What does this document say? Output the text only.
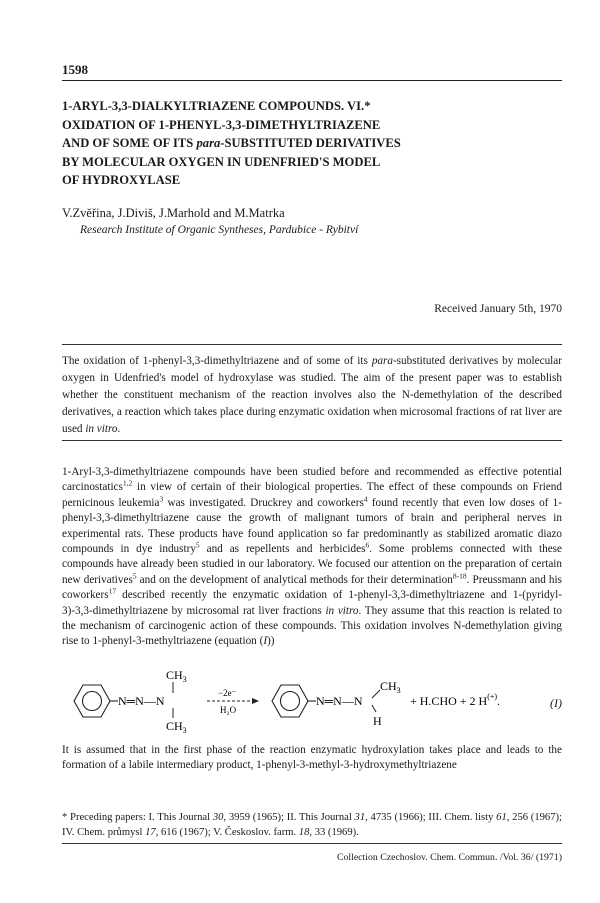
1598
1-ARYL-3,3-DIALKYLTRIAZENE COMPOUNDS. VI.*
OXIDATION OF 1-PHENYL-3,3-DIMETHYLTRIAZENE
AND OF SOME OF ITS para-SUBSTITUTED DERIVATIVES
BY MOLECULAR OXYGEN IN UDENFRIED'S MODEL
OF HYDROXYLASE
V.Zvěřina, J.Diviš, J.Marhold and M.Matrka
Research Institute of Organic Syntheses, Pardubice - Rybitví
Received January 5th, 1970
The oxidation of 1-phenyl-3,3-dimethyltriazene and of some of its para-substituted derivatives by molecular oxygen in Udenfried's model of hydroxylase was studied. The aim of the present paper was to establish whether the constituent mechanism of the reaction involves also the N-demethylation of the described derivatives, a reaction which takes place during enzymatic oxidation when microsomal fractions of rat liver are used in vitro.

1-Aryl-3,3-dimethyltriazene compounds have been studied before and recommended as effective potential carcinostatics$^{1,2}$ in view of certain of their biological properties. The effect of these compounds on Friend pernicinous leukemia$^3$ was investigated. Druckrey and coworkers$^4$ found recently that even low doses of 1-phenyl-3,3-dimethyltriazene cause the growth of malignant tumors of brain and peripheral nerves in experimental rats. These products have found application so far predominantly as stabilized aromatic diazo compounds in dye industry$^5$ and as repellents and herbicides$^6$. Some problems connected with these compounds have already been studied in our laboratory. We focused our attention on the preparation of certain new derivatives$^5$ and on the development of analytical methods for their determination$^{8-18}$. Preussmann and his coworkers$^{17}$ described recently the enzymatic oxidation of 1-phenyl-3,3-dimethyltriazene and 1-(pyridyl-3)-3,3-dimethyltriazene by microsomal rat liver fractions in vitro. They assume that this reaction is related to the mechanism of carcinogenic action of these compounds. This oxidation involves N-demethylation giving rise to 1-phenyl-3-methyltriazene (equation (I))

N═N—N
$CH_3$
$CH_3$
−2e⁻
H₂O
N═N—N
$CH_3$
H
+ H.CHO + 2 H(+).	(I)

It is assumed that in the first phase of the reaction enzymatic hydroxylation takes place and leads to the formation of a labile intermediary product, 1-phenyl-3-methyl-3-hydroxymethyltriazene

* Preceding papers: I. This Journal 30, 3959 (1965); II. This Journal 31, 4735 (1966); III. Chem. listy 61, 256 (1967); IV. Chem. průmysl 17, 616 (1967); V. Českoslov. farm. 18, 33 (1969).
Collection Czechoslov. Chem. Commun. /Vol. 36/ (1971)
